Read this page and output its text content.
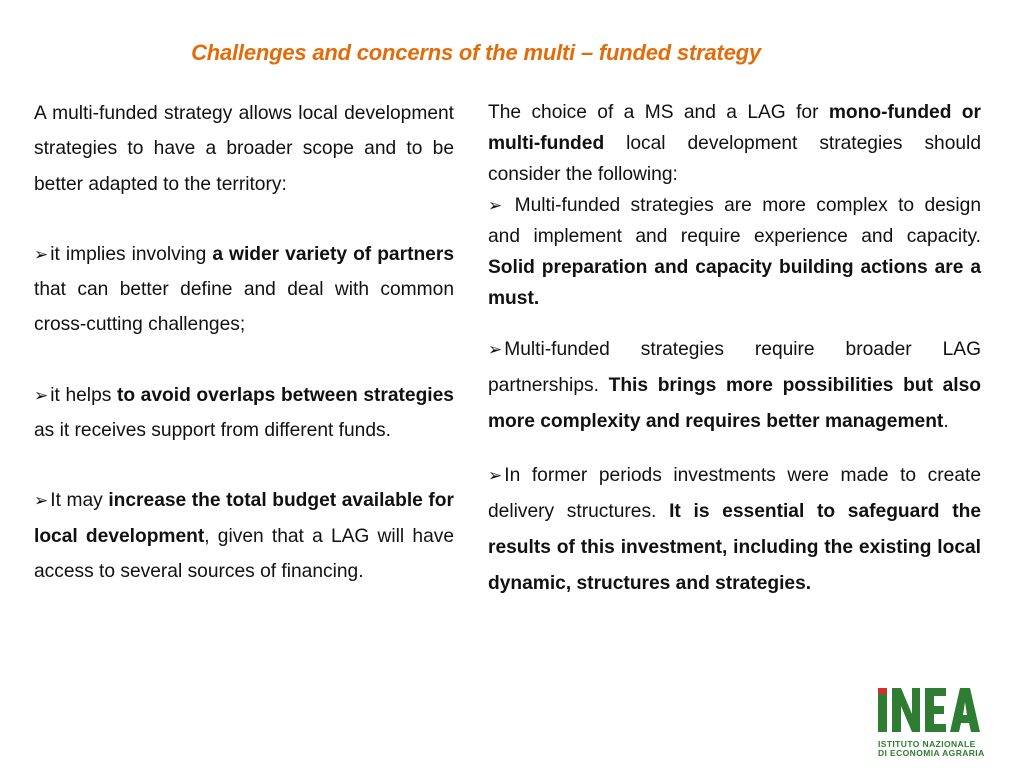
Challenges and concerns of the multi – funded strategy

A multi-funded strategy allows local development strategies to have a broader scope and to be better adapted to the territory:

➢ it implies involving a wider variety of partners that can better define and deal with common cross-cutting challenges;

➢ it helps to avoid overlaps between strategies as it receives support from different funds.

➢ It may increase the total budget available for local development, given that a LAG will have access to several sources of financing.

The choice of a MS and a LAG for mono-funded or multi-funded local development strategies should consider the following:

➢ Multi-funded strategies are more complex to design and implement and require experience and capacity. Solid preparation and capacity building actions are a must.

➢ Multi-funded strategies require broader LAG partnerships. This brings more possibilities but also more complexity and requires better management.

➢ In former periods investments were made to create delivery structures. It is essential to safeguard the results of this investment, including the existing local dynamic, structures and strategies.

ISTITUTO NAZIONALE
DI ECONOMIA AGRARIA
